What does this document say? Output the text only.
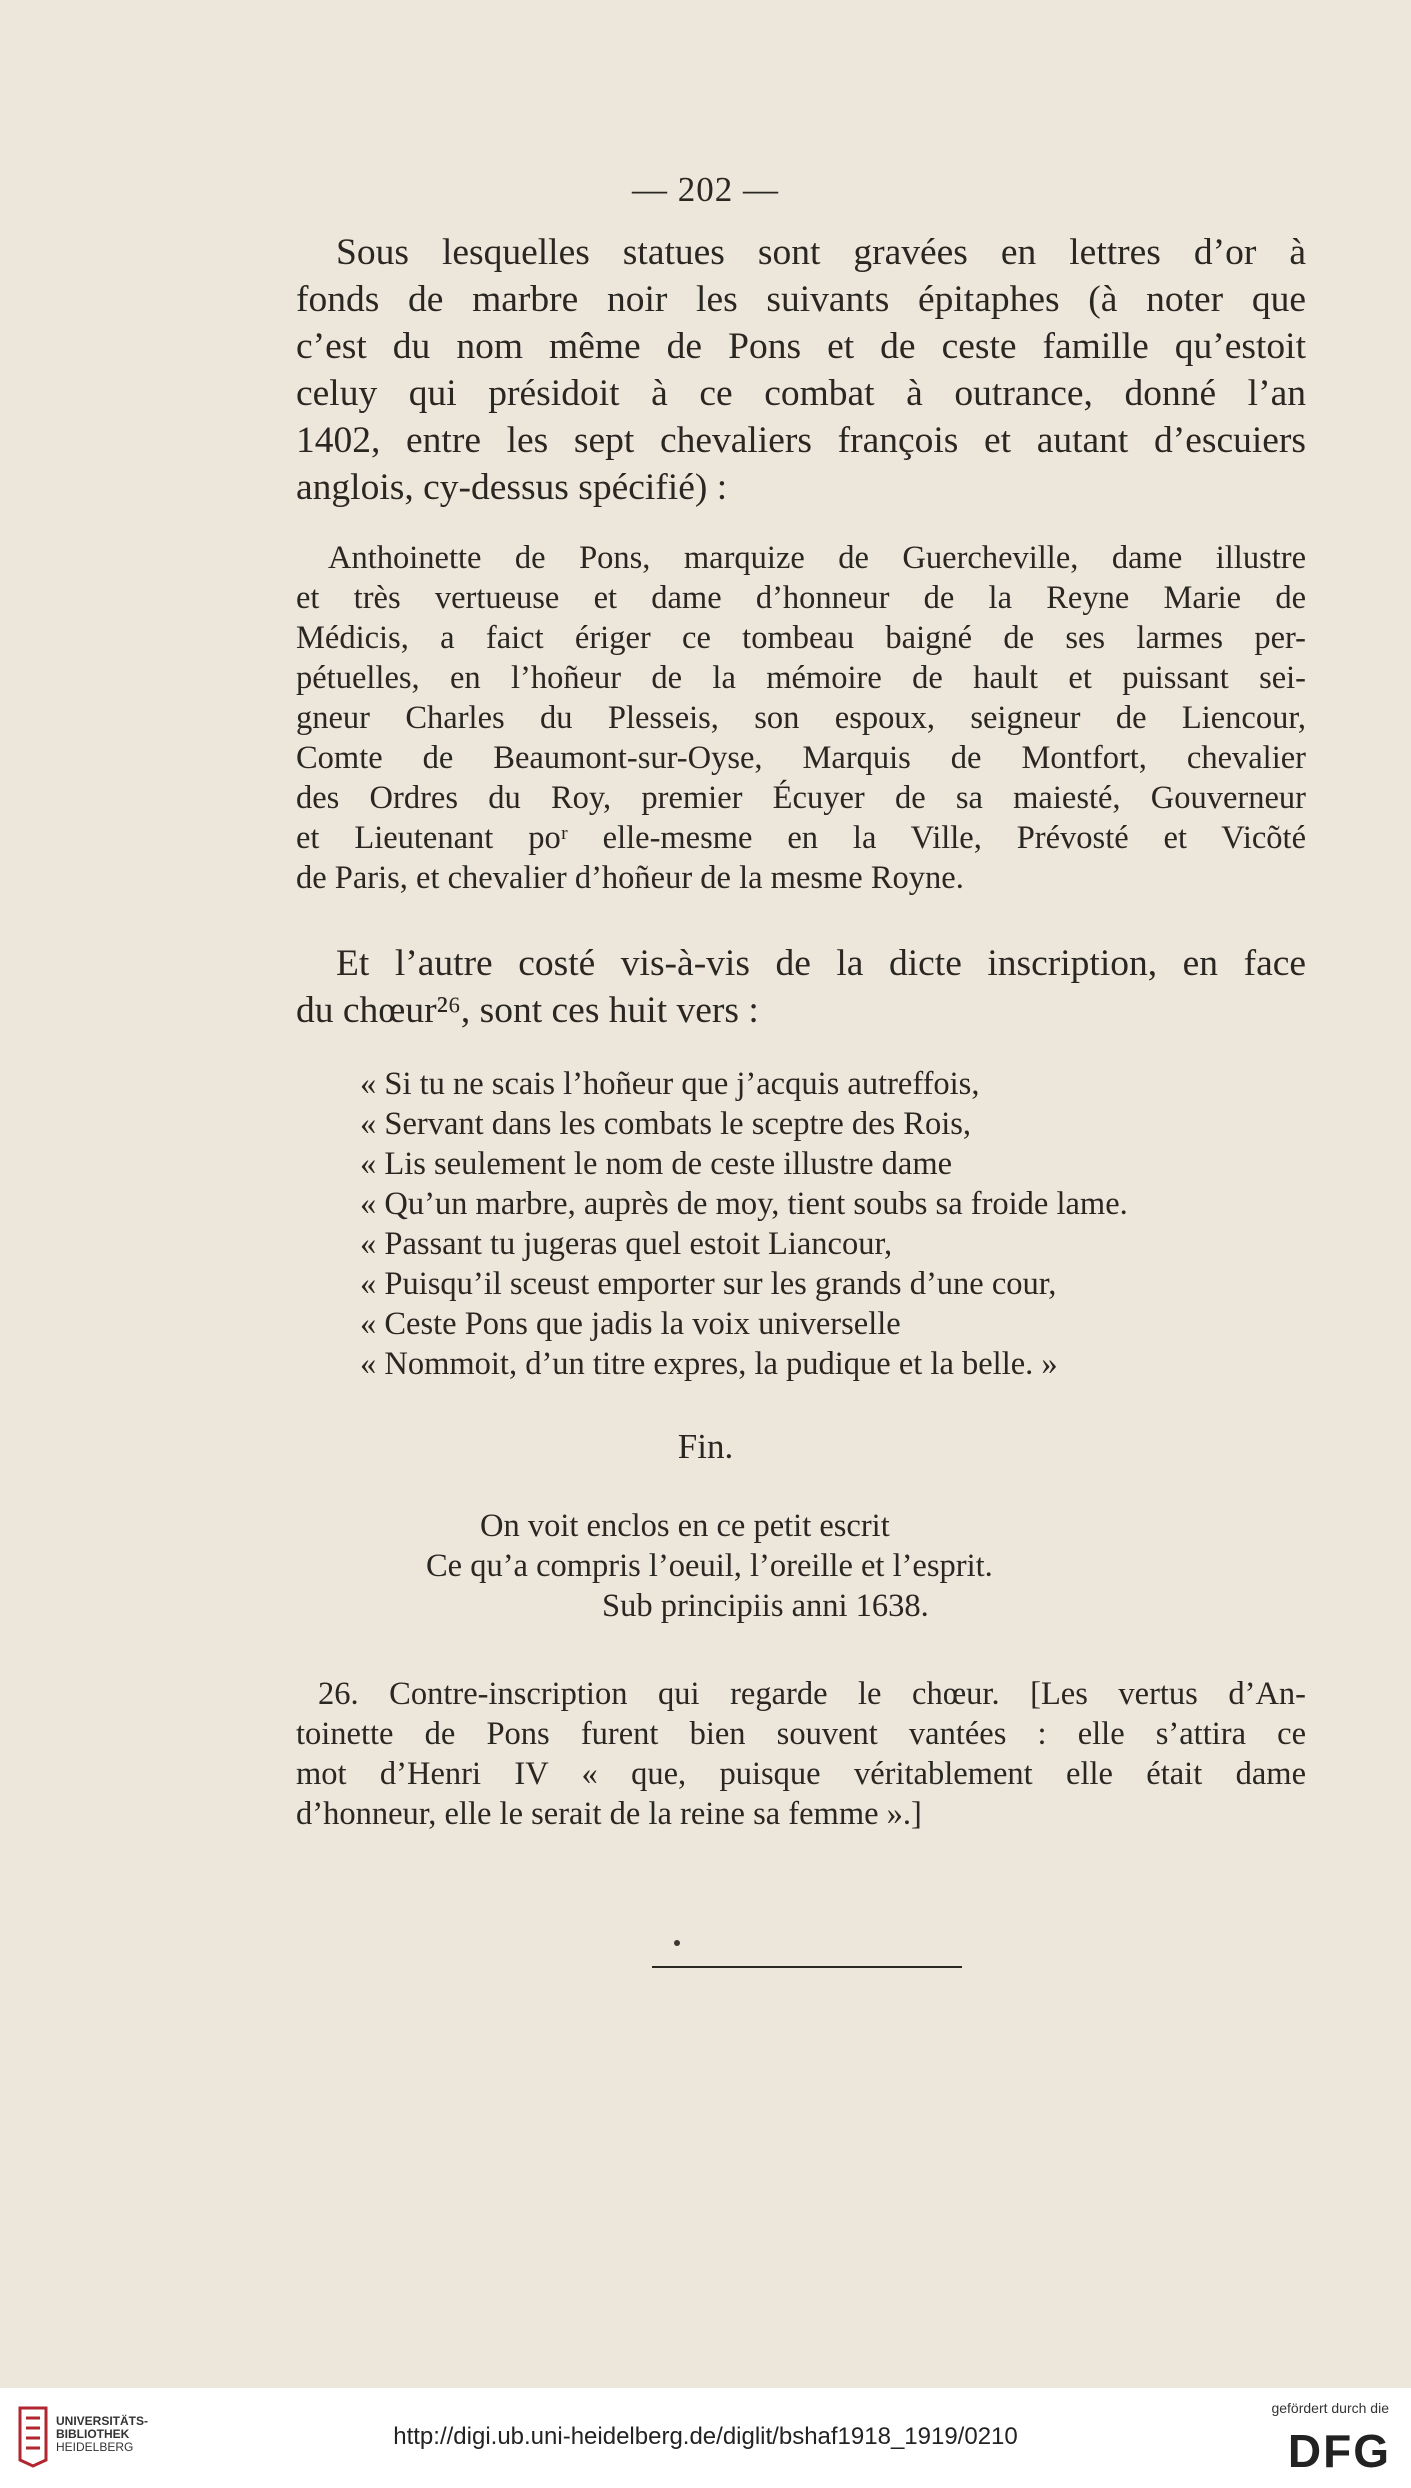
— 202 —
Sous lesquelles statues sont gravées en lettres d’or à
fonds de marbre noir les suivants épitaphes (à noter que
c’est du nom même de Pons et de ceste famille qu’estoit
celuy qui présidoit à ce combat à outrance, donné l’an
1402, entre les sept chevaliers françois et autant d’escuiers
anglois, cy-dessus spécifié) :
Anthoinette de Pons, marquize de Guercheville, dame illustre
et très vertueuse et dame d’honneur de la Reyne Marie de
Médicis, a faict ériger ce tombeau baigné de ses larmes per-
pétuelles, en l’hoñeur de la mémoire de hault et puissant sei-
gneur Charles du Plesseis, son espoux, seigneur de Liencour,
Comte de Beaumont-sur-Oyse, Marquis de Montfort, chevalier
des Ordres du Roy, premier Écuyer de sa maiesté, Gouverneur
et Lieutenant poʳ elle-mesme en la Ville, Prévosté et Vicõté
de Paris, et chevalier d’hoñeur de la mesme Royne.
Et l’autre costé vis-à-vis de la dicte inscription, en face
du chœur²⁶, sont ces huit vers :
« Si tu ne scais l’hoñeur que j’acquis autreffois,
« Servant dans les combats le sceptre des Rois,
« Lis seulement le nom de ceste illustre dame
« Qu’un marbre, auprès de moy, tient soubs sa froide lame.
« Passant tu jugeras quel estoit Liancour,
« Puisqu’il sceust emporter sur les grands d’une cour,
« Ceste Pons que jadis la voix universelle
« Nommoit, d’un titre expres, la pudique et la belle. »
Fin.
On voit enclos en ce petit escrit
Ce qu’a compris l’oeuil, l’oreille et l’esprit.
Sub principiis anni 1638.
26. Contre-inscription qui regarde le chœur. [Les vertus d’An-
toinette de Pons furent bien souvent vantées : elle s’attira ce
mot d’Henri IV « que, puisque véritablement elle était dame
d’honneur, elle le serait de la reine sa femme ».]
UNIVERSITÄTS-
BIBLIOTHEK
HEIDELBERG	http://digi.ub.uni-heidelberg.de/diglit/bshaf1918_1919/0210
gefördert durch die
DFG
